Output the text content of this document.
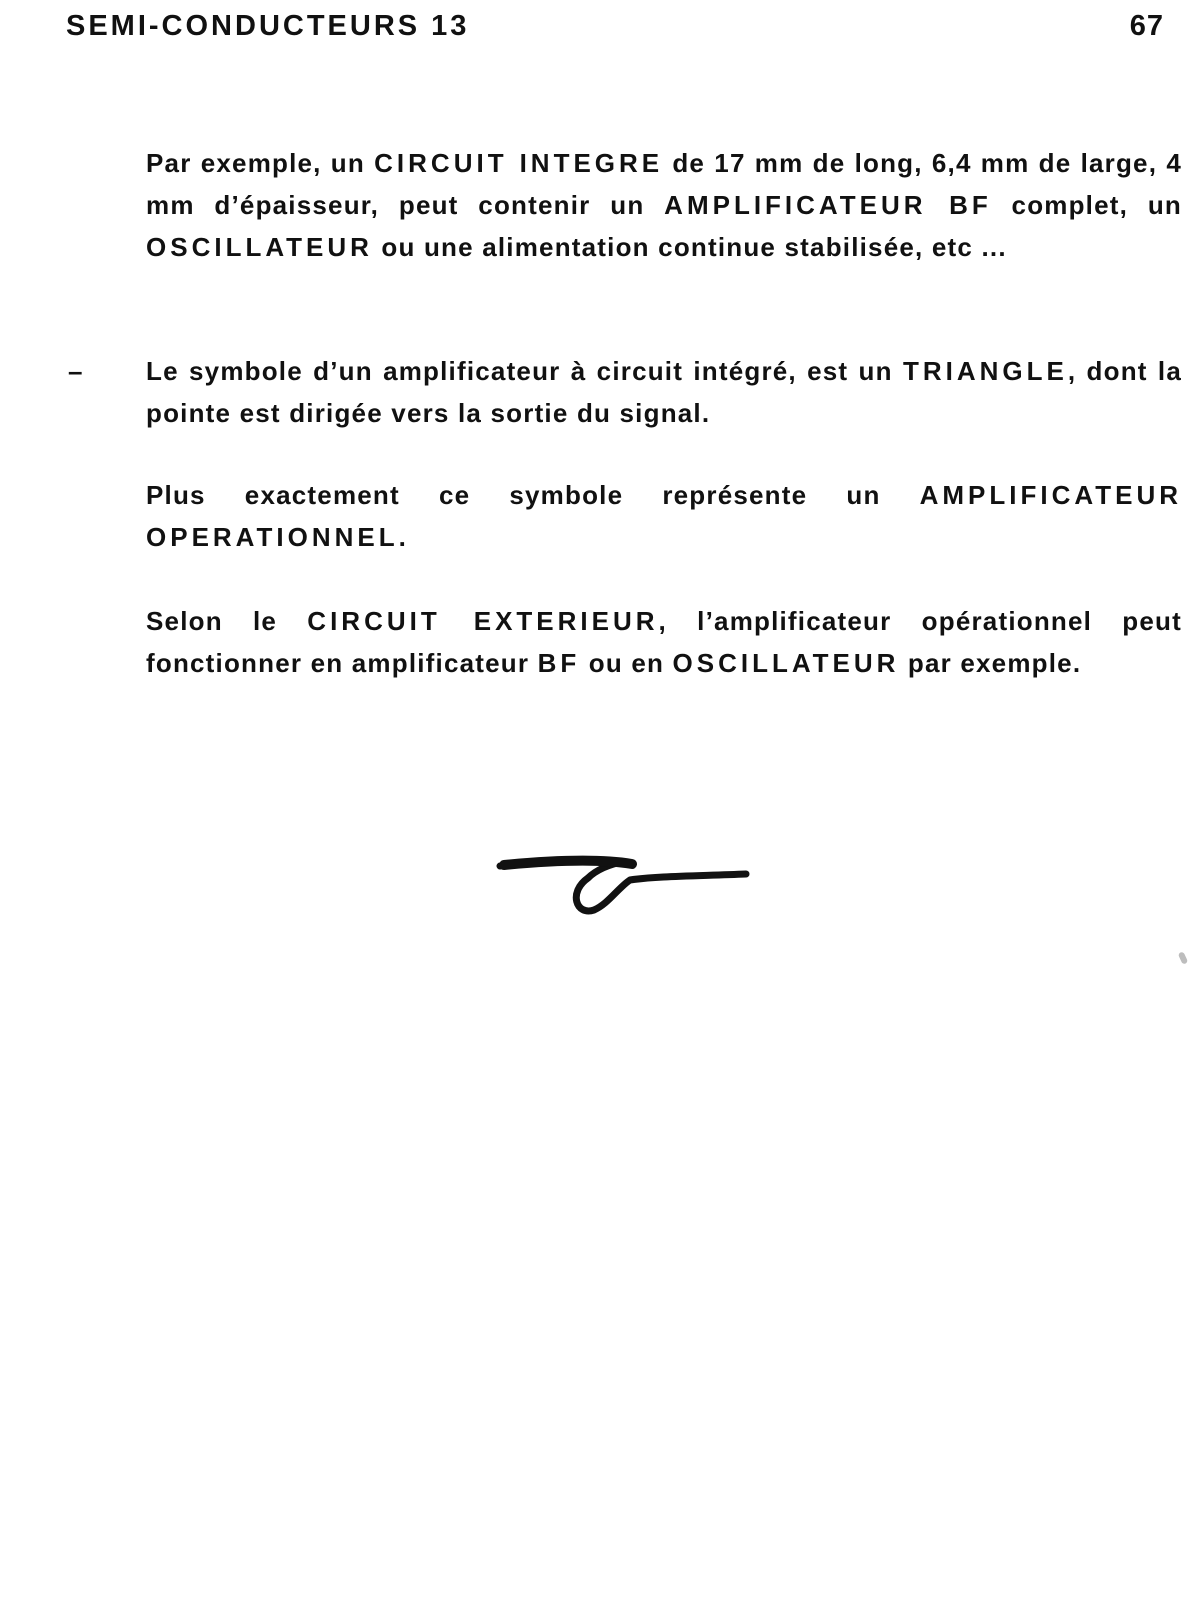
SEMI-CONDUCTEURS 13	67

Par exemple, un CIRCUIT INTEGRE de 17 mm de long, 6,4 mm de large, 4 mm d’épaisseur, peut contenir un AMPLIFICATEUR BF complet, un OSCILLATEUR ou une alimentation continue stabilisée, etc ...

– Le symbole d’un amplificateur à circuit intégré, est un TRIANGLE, dont la pointe est dirigée vers la sortie du signal.

Plus exactement ce symbole représente un AMPLIFICATEUR OPERATIONNEL.

Selon le CIRCUIT EXTERIEUR, l’amplificateur opérationnel peut fonctionner en amplificateur BF ou en OSCILLATEUR par exemple.
